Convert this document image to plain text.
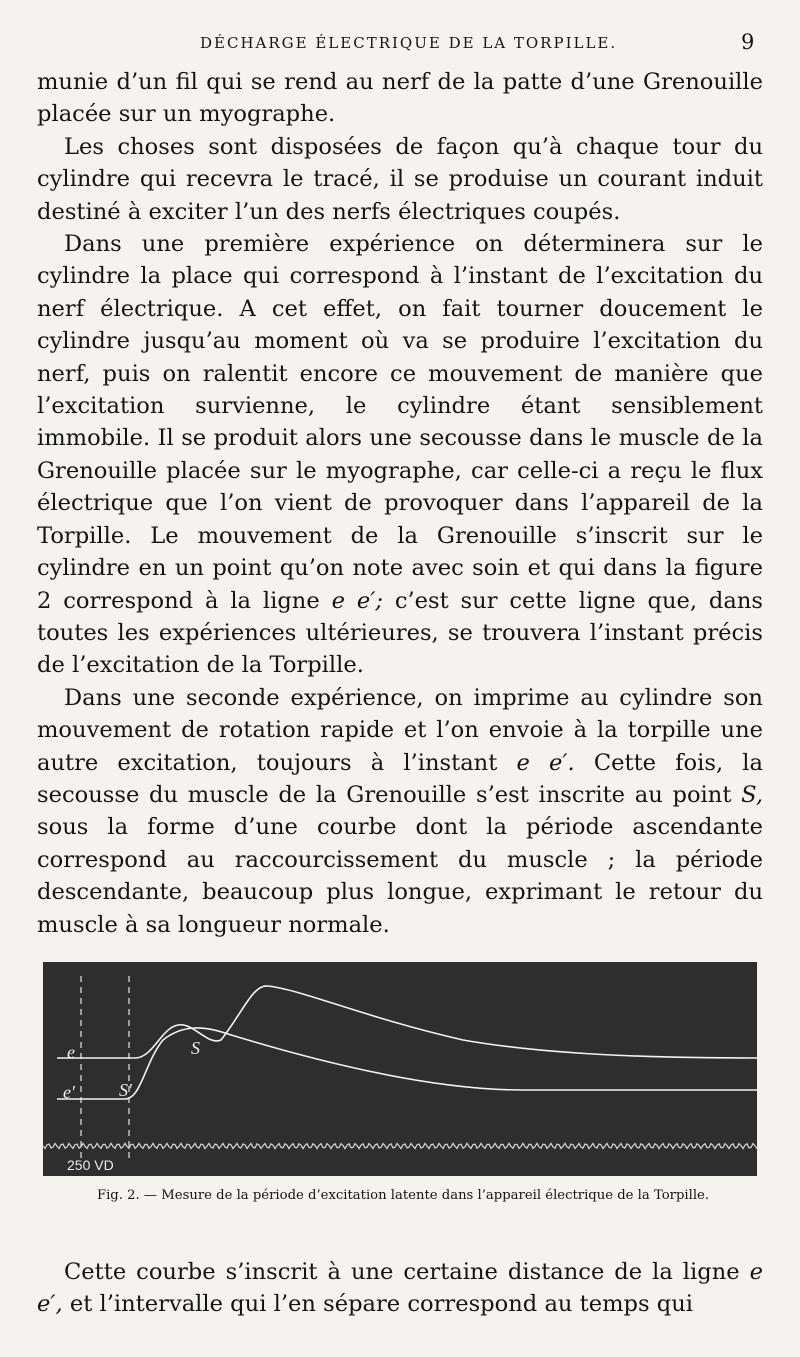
DÉCHARGE ÉLECTRIQUE DE LA TORPILLE.	9

munie d’un fil qui se rend au nerf de la patte d’une Grenouille placée sur un myographe.

Les choses sont disposées de façon qu’à chaque tour du cylindre qui recevra le tracé, il se produise un courant induit destiné à exciter l’un des nerfs électriques coupés.

Dans une première expérience on déterminera sur le cylindre la place qui correspond à l’instant de l’excitation du nerf électrique. A cet effet, on fait tourner doucement le cylindre jusqu’au moment où va se produire l’excitation du nerf, puis on ralentit encore ce mouvement de manière que l’excitation survienne, le cylindre étant sensiblement immobile. Il se produit alors une secousse dans le muscle de la Grenouille placée sur le myographe, car celle-ci a reçu le flux électrique que l’on vient de provoquer dans l’appareil de la Torpille. Le mouvement de la Grenouille s’inscrit sur le cylindre en un point qu’on note avec soin et qui dans la figure 2 correspond à la ligne e e′; c’est sur cette ligne que, dans toutes les expériences ultérieures, se trouvera l’instant précis de l’excitation de la Torpille.

Dans une seconde expérience, on imprime au cylindre son mouvement de rotation rapide et l’on envoie à la torpille une autre excitation, toujours à l’instant e e′. Cette fois, la secousse du muscle de la Grenouille s’est inscrite au point S, sous la forme d’une courbe dont la période ascendante correspond au raccourcissement du muscle ; la période descendante, beaucoup plus longue, exprimant le retour du muscle à sa longueur normale.

e
e′
S
S′
250 VD
Fig. 2. — Mesure de la période d’excitation latente dans l’appareil électrique de la Torpille.

Cette courbe s’inscrit à une certaine distance de la ligne e e′, et l’intervalle qui l’en sépare correspond au temps qui
